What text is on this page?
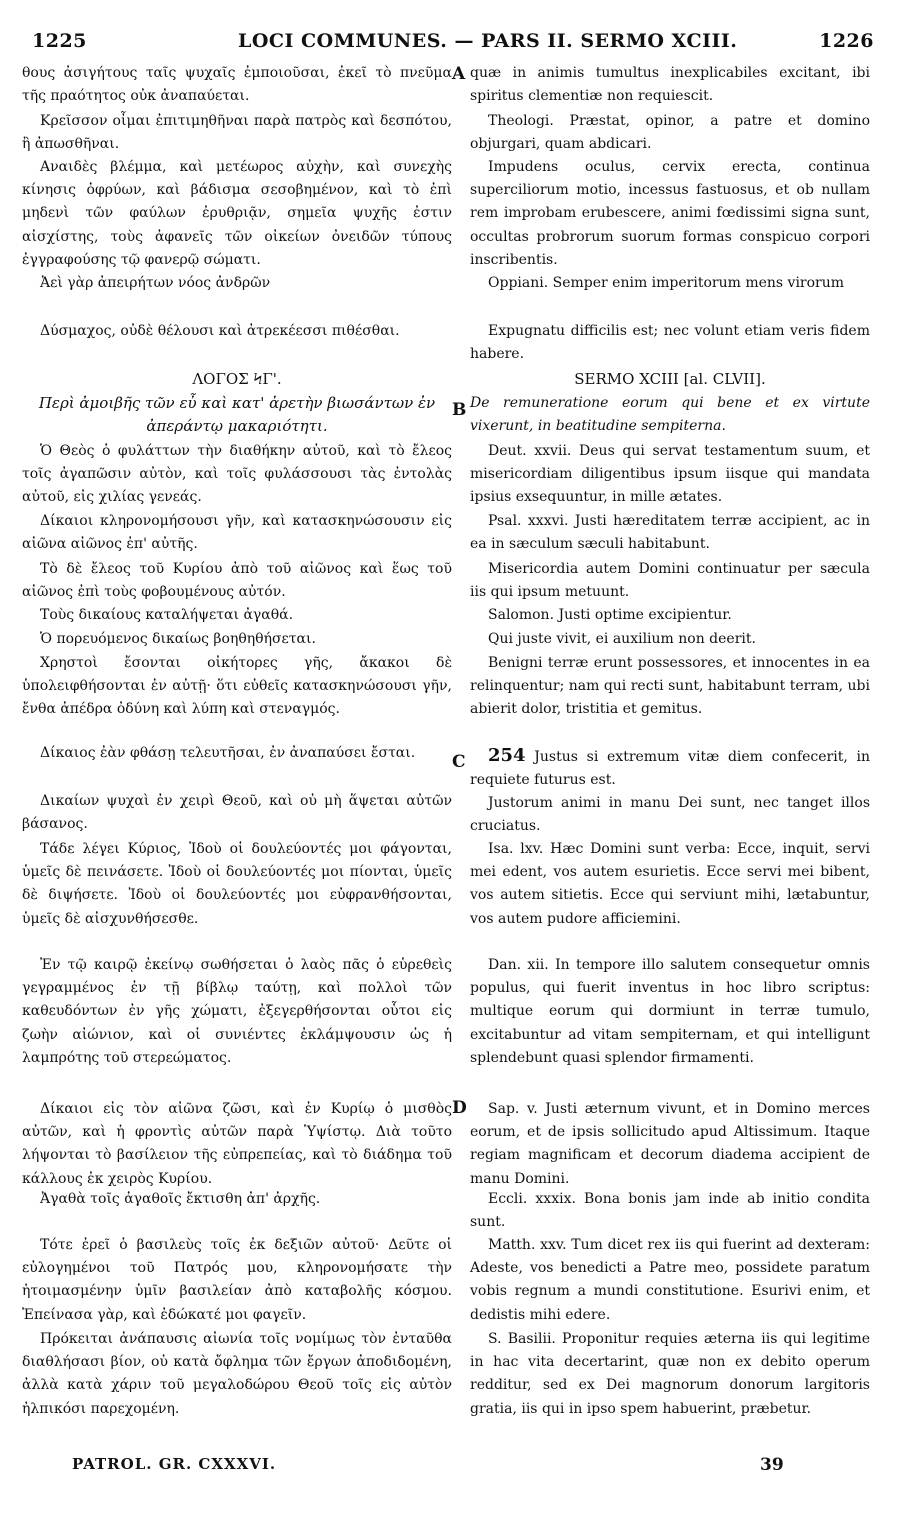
1225	LOCI COMMUNES. — PARS II. SERMO XCIII.	1226

θους ἀσιγήτους ταῖς ψυχαῖς ἐμποιοῦσαι, ἐκεῖ τὸ πνεῦμα τῆς πραότητος οὐκ ἀναπαύεται.

Κρεῖσσον οἶμαι ἐπιτιμηθῆναι παρὰ πατρὸς καὶ δεσπότου, ἢ ἀπωσθῆναι.

Αναιδὲς βλέμμα, καὶ μετέωρος αὐχὴν, καὶ συνεχὴς κίνησις ὀφρύων, καὶ βάδισμα σεσοβημένον, καὶ τὸ ἐπὶ μηδενὶ τῶν φαύλων ἐρυθριᾷν, σημεῖα ψυχῆς ἐστιν αἰσχίστης, τοὺς ἀφανεῖς τῶν οἰκείων ὀνειδῶν τύπους ἐγγραφούσης τῷ φανερῷ σώματι.

Ἀεὶ γὰρ ἀπειρήτων νόος ἀνδρῶν

Δύσμαχος, οὐδὲ θέλουσι καὶ ἀτρεκέεσσι πιθέσθαι.

ΛΟΓΟΣ ϞΓ'.

Περὶ ἀμοιβῆς τῶν εὖ καὶ κατ' ἀρετὴν βιωσάντων ἐν ἀπεράντῳ μακαριότητι.

Ὁ Θεὸς ὁ φυλάττων τὴν διαθήκην αὐτοῦ, καὶ τὸ ἔλεος τοῖς ἀγαπῶσιν αὐτὸν, καὶ τοῖς φυλάσσουσι τὰς ἐντολὰς αὐτοῦ, εἰς χιλίας γενεάς.

Δίκαιοι κληρονομήσουσι γῆν, καὶ κατασκηνώσουσιν εἰς αἰῶνα αἰῶνος ἐπ' αὐτῆς.

Τὸ δὲ ἔλεος τοῦ Κυρίου ἀπὸ τοῦ αἰῶνος καὶ ἕως τοῦ αἰῶνος ἐπὶ τοὺς φοβουμένους αὐτόν.

Τοὺς δικαίους καταλήψεται ἀγαθά.

Ὁ πορευόμενος δικαίως βοηθηθήσεται.

Χρηστοὶ ἔσονται οἰκήτορες γῆς, ἄκακοι δὲ ὑπολειφθήσονται ἐν αὐτῇ· ὅτι εὐθεῖς κατασκηνώσουσι γῆν, ἔνθα ἀπέδρα ὀδύνη καὶ λύπη καὶ στεναγμός.

Δίκαιος ἐὰν φθάσῃ τελευτῆσαι, ἐν ἀναπαύσει ἔσται.

Δικαίων ψυχαὶ ἐν χειρὶ Θεοῦ, καὶ οὐ μὴ ἅψεται αὐτῶν βάσανος.

Τάδε λέγει Κύριος, Ἰδοὺ οἱ δουλεύοντές μοι φάγονται, ὑμεῖς δὲ πεινάσετε. Ἰδοὺ οἱ δουλεύοντές μοι πίονται, ὑμεῖς δὲ διψήσετε. Ἰδοὺ οἱ δουλεύοντές μοι εὐφρανθήσονται, ὑμεῖς δὲ αἰσχυνθήσεσθε.

Ἐν τῷ καιρῷ ἐκείνῳ σωθήσεται ὁ λαὸς πᾶς ὁ εὑρεθεὶς γεγραμμένος ἐν τῇ βίβλῳ ταύτῃ, καὶ πολλοὶ τῶν καθευδόντων ἐν γῆς χώματι, ἐξεγερθήσονται οὗτοι εἰς ζωὴν αἰώνιον, καὶ οἱ συνιέντες ἐκλάμψουσιν ὡς ἡ λαμπρότης τοῦ στερεώματος.

Δίκαιοι εἰς τὸν αἰῶνα ζῶσι, καὶ ἐν Κυρίῳ ὁ μισθὸς αὐτῶν, καὶ ἡ φροντὶς αὐτῶν παρὰ Ὑψίστῳ. Διὰ τοῦτο λήψονται τὸ βασίλειον τῆς εὐπρεπείας, καὶ τὸ διάδημα τοῦ κάλλους ἐκ χειρὸς Κυρίου.

Ἀγαθὰ τοῖς ἀγαθοῖς ἔκτισθη ἀπ' ἀρχῆς.

Τότε ἐρεῖ ὁ βασιλεὺς τοῖς ἐκ δεξιῶν αὐτοῦ· Δεῦτε οἱ εὐλογημένοι τοῦ Πατρός μου, κληρονομήσατε τὴν ἡτοιμασμένην ὑμῖν βασιλείαν ἀπὸ καταβολῆς κόσμου. Ἐπείνασα γὰρ, καὶ ἐδώκατέ μοι φαγεῖν.

Πρόκειται ἀνάπαυσις αἰωνία τοῖς νομίμως τὸν ἐνταῦθα διαθλήσασι βίον, οὐ κατὰ ὄφλημα τῶν ἔργων ἀποδιδομένη, ἀλλὰ κατὰ χάριν τοῦ μεγαλοδώρου Θεοῦ τοῖς εἰς αὐτὸν ἠλπικόσι παρεχομένη.

A
B
C
D

quæ in animis tumultus inexplicabiles excitant, ibi spiritus clementiæ non requiescit.

Theologi. Præstat, opinor, a patre et domino objurgari, quam abdicari.

Impudens oculus, cervix erecta, continua superciliorum motio, incessus fastuosus, et ob nullam rem improbam erubescere, animi fœdissimi signa sunt, occultas probrorum suorum formas conspicuo corpori inscribentis.

Oppiani. Semper enim imperitorum mens virorum

Expugnatu difficilis est; nec volunt etiam veris fidem habere.

SERMO XCIII [al. CLVII].

De remuneratione eorum qui bene et ex virtute vixerunt, in beatitudine sempiterna.

Deut. xxvii. Deus qui servat testamentum suum, et misericordiam diligentibus ipsum iisque qui mandata ipsius exsequuntur, in mille ætates.

Psal. xxxvi. Justi hæreditatem terræ accipient, ac in ea in sæculum sæculi habitabunt.

Misericordia autem Domini continuatur per sæcula iis qui ipsum metuunt.

Salomon. Justi optime excipientur.

Qui juste vivit, ei auxilium non deerit.

Benigni terræ erunt possessores, et innocentes in ea relinquentur; nam qui recti sunt, habitabunt terram, ubi abierit dolor, tristitia et gemitus.

254 Justus si extremum vitæ diem confecerit, in requiete futurus est.

Justorum animi in manu Dei sunt, nec tanget illos cruciatus.

Isa. lxv. Hæc Domini sunt verba: Ecce, inquit, servi mei edent, vos autem esurietis. Ecce servi mei bibent, vos autem sitietis. Ecce qui serviunt mihi, lætabuntur, vos autem pudore afficiemini.

Dan. xii. In tempore illo salutem consequetur omnis populus, qui fuerit inventus in hoc libro scriptus: multique eorum qui dormiunt in terræ tumulo, excitabuntur ad vitam sempiternam, et qui intelligunt splendebunt quasi splendor firmamenti.

Sap. v. Justi æternum vivunt, et in Domino merces eorum, et de ipsis sollicitudo apud Altissimum. Itaque regiam magnificam et decorum diadema accipient de manu Domini.

Eccli. xxxix. Bona bonis jam inde ab initio condita sunt.

Matth. xxv. Tum dicet rex iis qui fuerint ad dexteram: Adeste, vos benedicti a Patre meo, possidete paratum vobis regnum a mundi constitutione. Esurivi enim, et dedistis mihi edere.

S. Basilii. Proponitur requies æterna iis qui legitime in hac vita decertarint, quæ non ex debito operum redditur, sed ex Dei magnorum donorum largitoris gratia, iis qui in ipso spem habuerint, præbetur.

PATROL. GR. CXXXVI.	39
